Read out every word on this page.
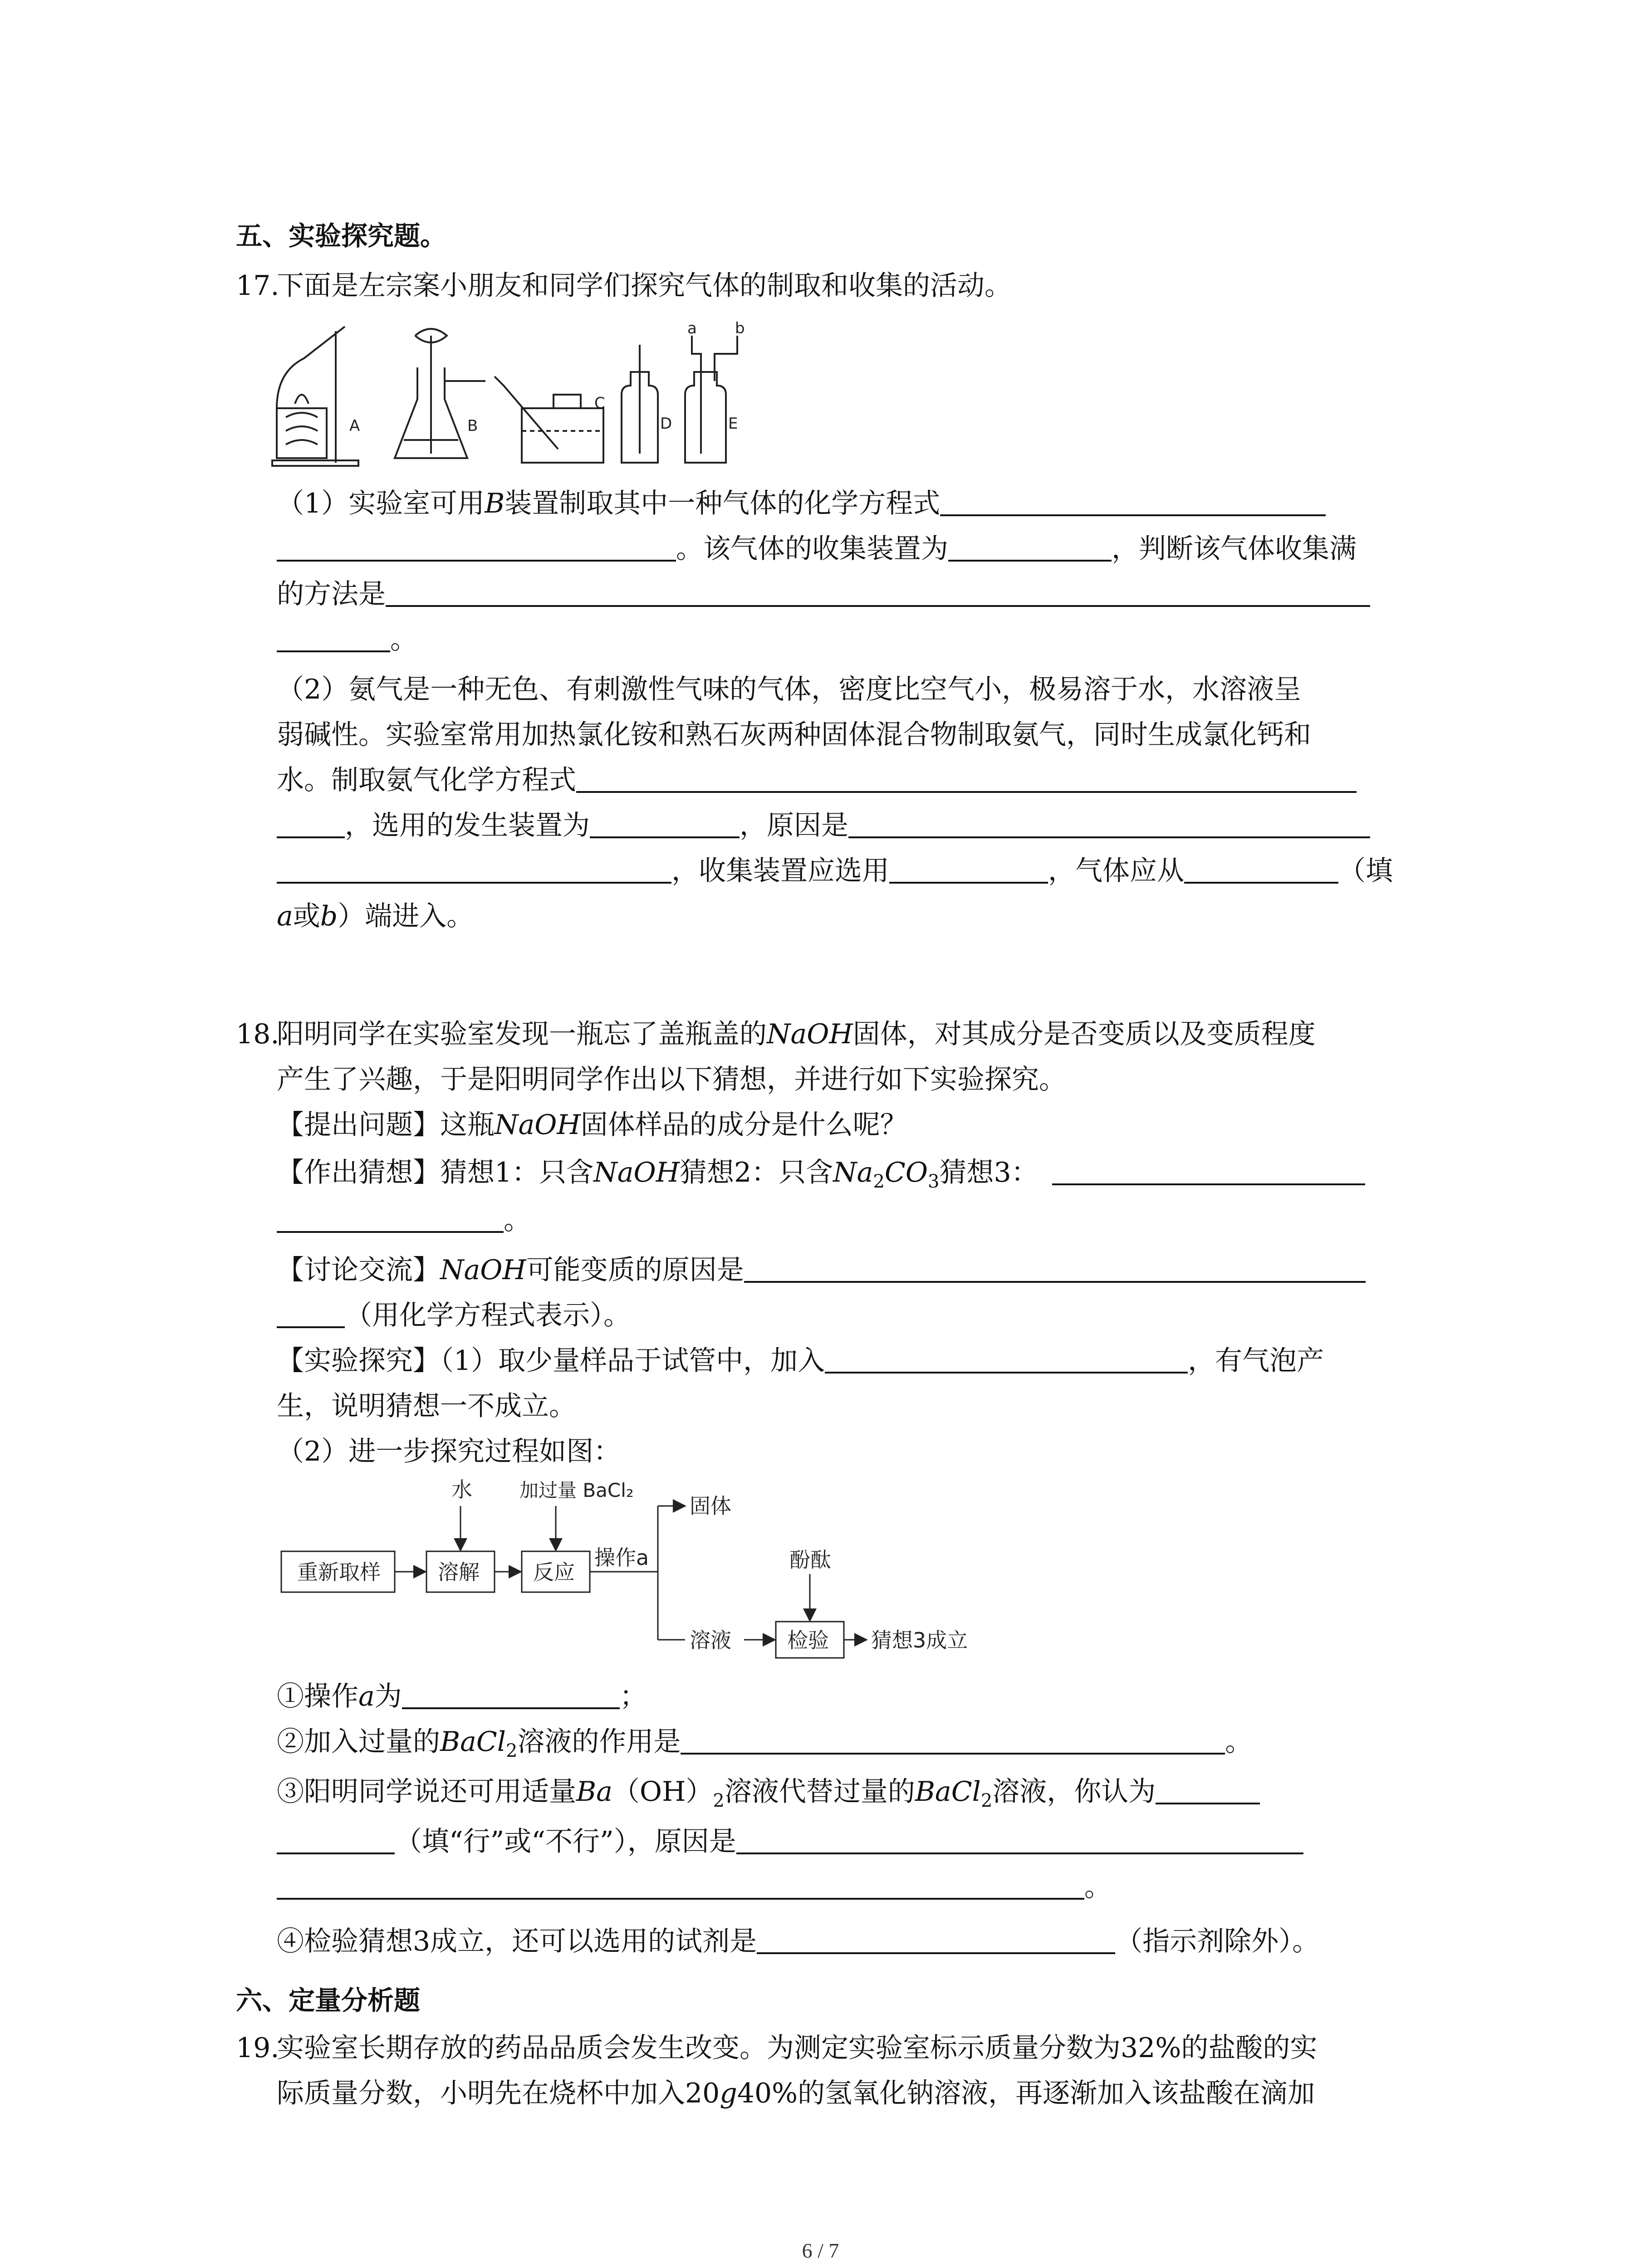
五、实验探究题。
17.
下面是左宗案小朋友和同学们探究气体的制取和收集的活动。
A	B
C
D	E
a b
（1）实验室可用B装置制取其中一种气体的化学方程式
。该气体的收集装置为	，判断该气体收集满
的方法是
。
（2）氨气是一种无色、有刺激性气味的气体，密度比空气小，极易溶于水，水溶液呈
弱碱性。实验室常用加热氯化铵和熟石灰两种固体混合物制取氨气，同时生成氯化钙和
水。制取氨气化学方程式
，选用的发生装置为	，原因是
，收集装置应选用	，气体应从	（填
a或b）端进入。
18.
阳明同学在实验室发现一瓶忘了盖瓶盖的NaOH固体，对其成分是否变质以及变质程度
产生了兴趣，于是阳明同学作出以下猜想，并进行如下实验探究。
【提出问题】这瓶NaOH固体样品的成分是什么呢？
【作出猜想】猜想1：只含NaOH猜想2：只含$Na_2CO_3$猜想3：
。
【讨论交流】NaOH可能变质的原因是
（用化学方程式表示）。
【实验探究】（1）取少量样品于试管中，加入	，有气泡产
生，说明猜想一不成立。
（2）进一步探究过程如图：
重新取样	溶解	反应
水 加过量 BaCl₂
操作a
固体
溶液	检验
酚酞
猜想3成立
①操作a为	；
②加入过量的BaCl$_2$溶液的作用是	。
③阳明同学说还可用适量$Ba(OH)_2$溶液代替过量的BaCl$_2$溶液，你认为
（填“行”或“不行”），原因是
。
④检验猜想3成立，还可以选用的试剂是	（指示剂除外）。
六、定量分析题
19.
实验室长期存放的药品品质会发生改变。为测定实验室标示质量分数为32%的盐酸的实
际质量分数，小明先在烧杯中加入20g40%的氢氧化钠溶液，再逐渐加入该盐酸在滴加
6 / 7
